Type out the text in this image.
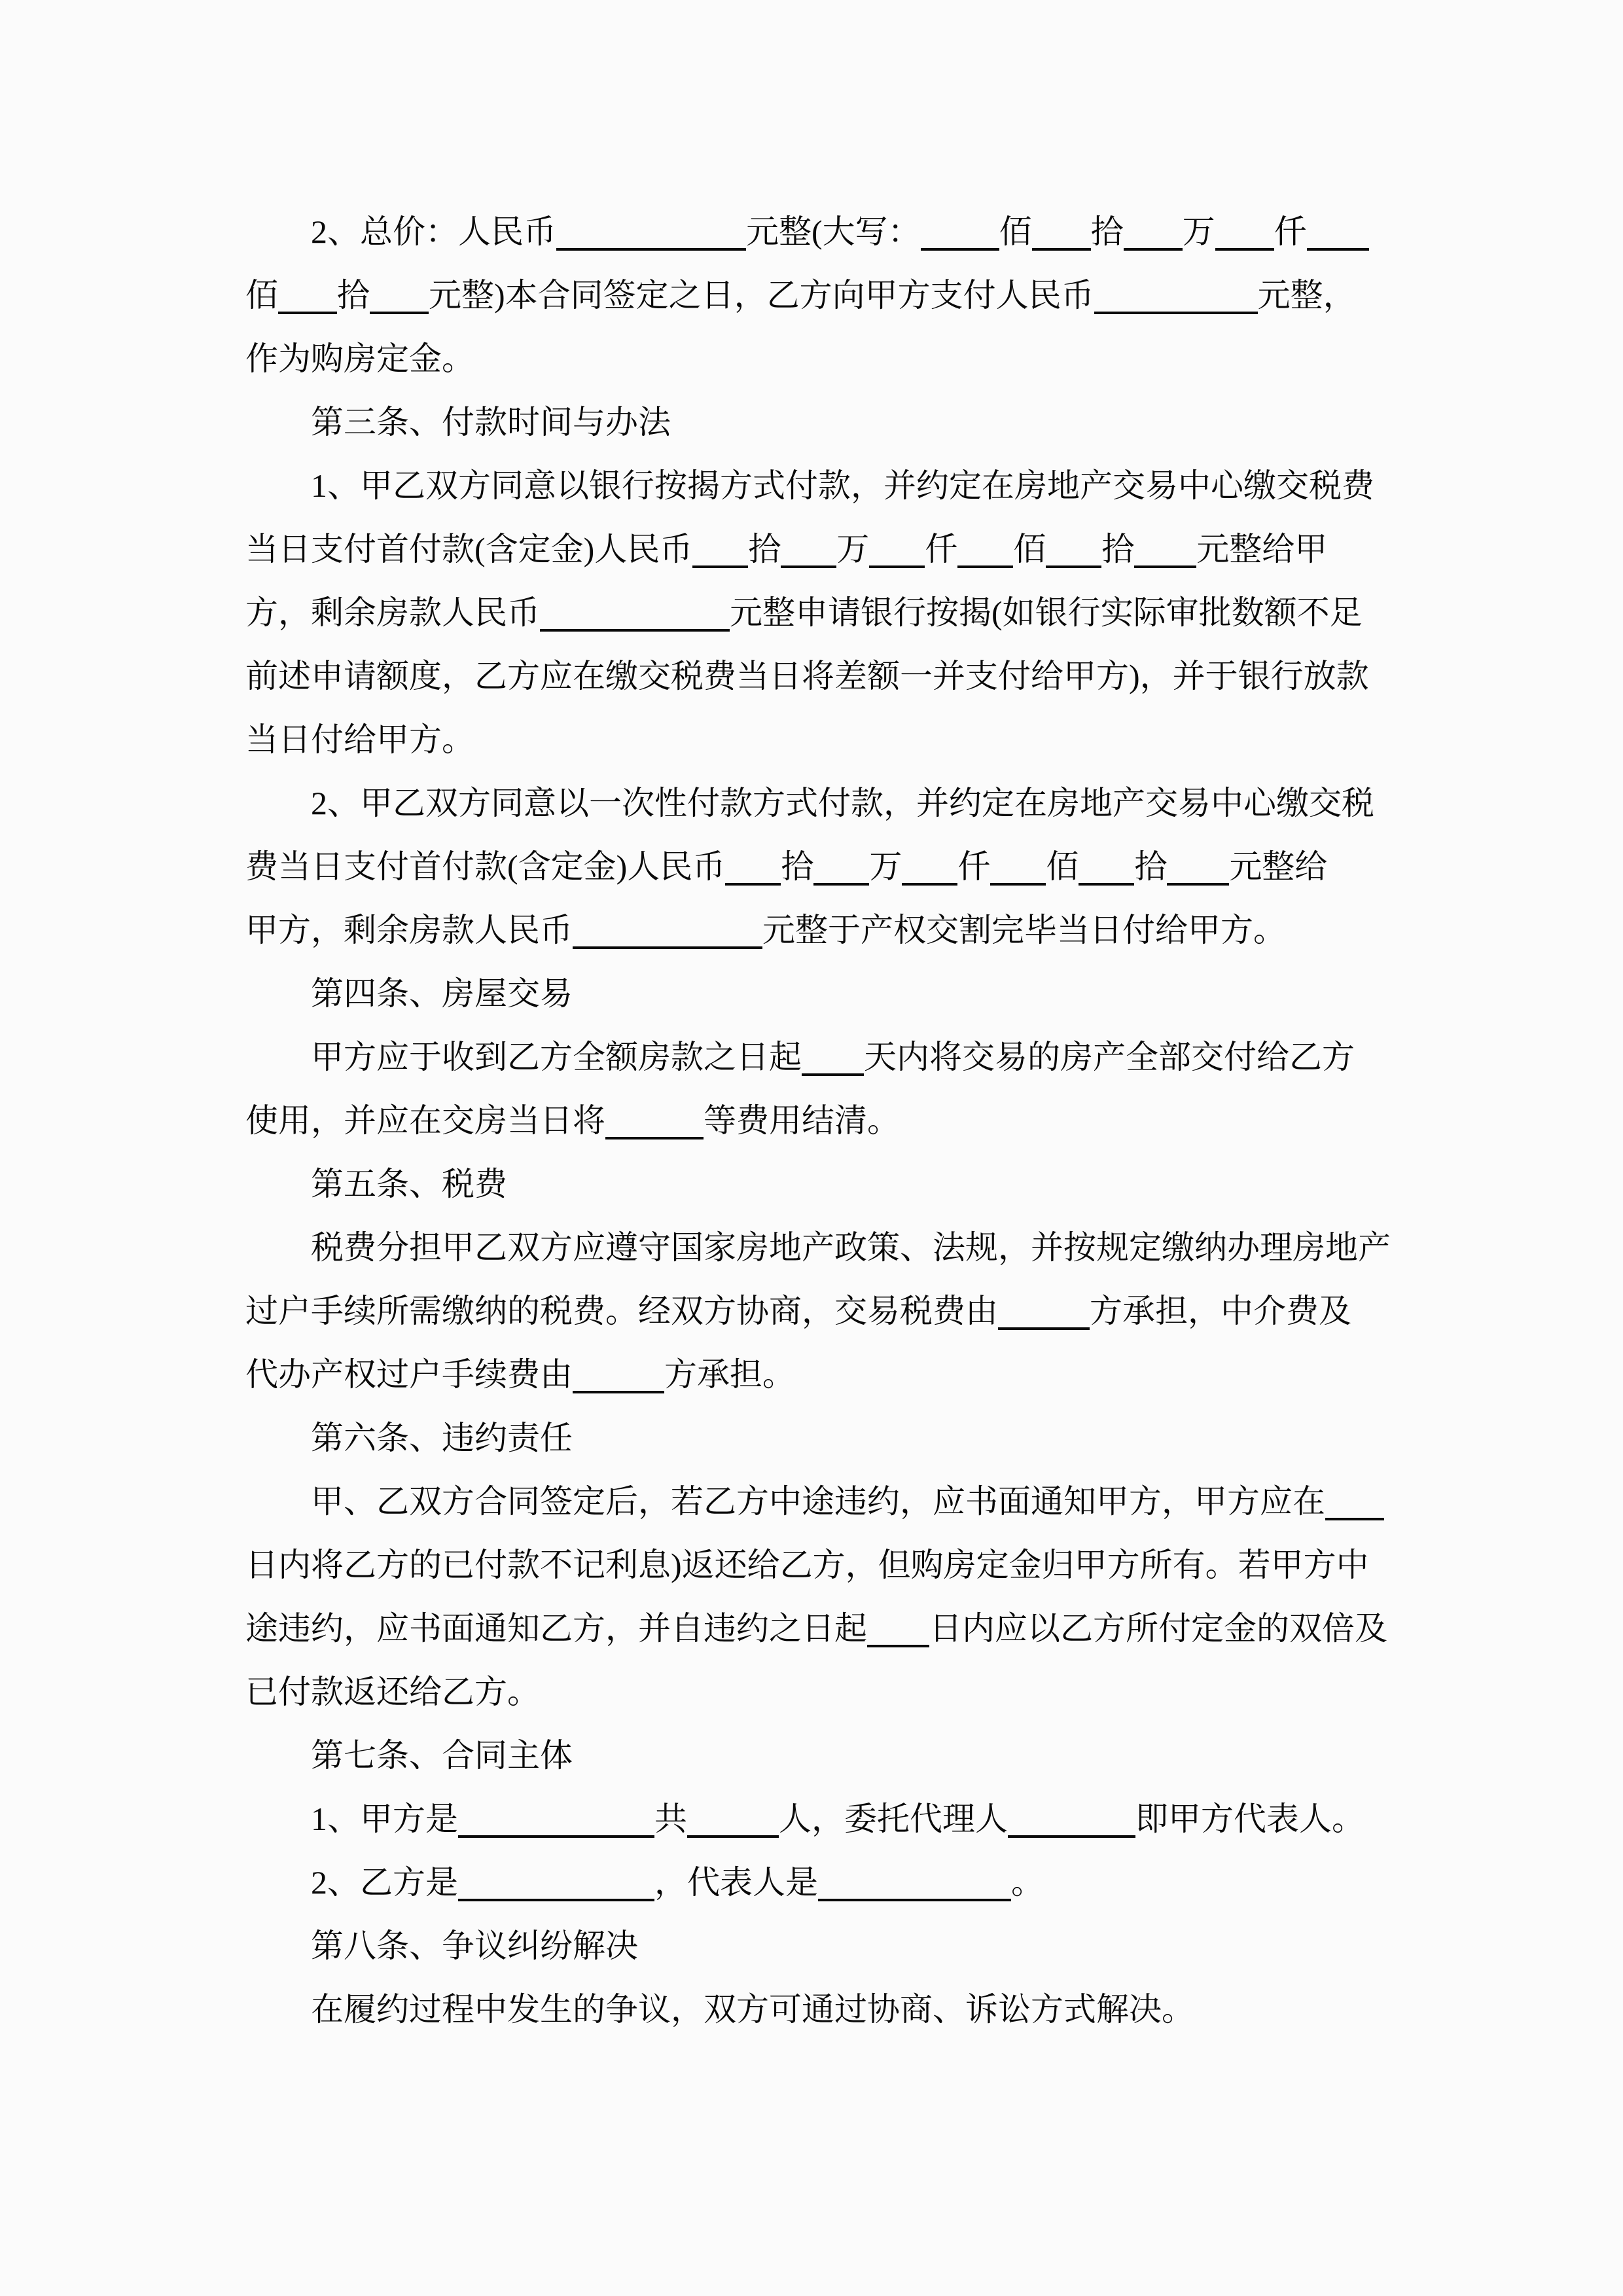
2、总价：人民币	元整(大写： 佰 拾 万 仟
佰 拾 元整)本合同签定之日，乙方向甲方支付人民币	元整，
作为购房定金。
第三条、付款时间与办法
1、甲乙双方同意以银行按揭方式付款，并约定在房地产交易中心缴交税费
当日支付首付款(含定金)人民币 拾 万 仟 佰 拾 元整给甲
方，剩余房款人民币	元整申请银行按揭(如银行实际审批数额不足
前述申请额度，乙方应在缴交税费当日将差额一并支付给甲方)，并于银行放款
当日付给甲方。
2、甲乙双方同意以一次性付款方式付款，并约定在房地产交易中心缴交税
费当日支付首付款(含定金)人民币 拾 万 仟 佰 拾 元整给
甲方，剩余房款人民币	元整于产权交割完毕当日付给甲方。
第四条、房屋交易
甲方应于收到乙方全额房款之日起 天内将交易的房产全部交付给乙方
使用，并应在交房当日将	等费用结清。
第五条、税费
税费分担甲乙双方应遵守国家房地产政策、法规，并按规定缴纳办理房地产
过户手续所需缴纳的税费。经双方协商，交易税费由	方承担，中介费及
代办产权过户手续费由	方承担。
第六条、违约责任
甲、乙双方合同签定后，若乙方中途违约，应书面通知甲方，甲方应在
日内将乙方的已付款不记利息)返还给乙方，但购房定金归甲方所有。若甲方中
途违约，应书面通知乙方，并自违约之日起 日内应以乙方所付定金的双倍及
已付款返还给乙方。
第七条、合同主体
1、甲方是	共	人，委托代理人	即甲方代表人。
2、乙方是	，代表人是	。
第八条、争议纠纷解决
在履约过程中发生的争议，双方可通过协商、诉讼方式解决。
